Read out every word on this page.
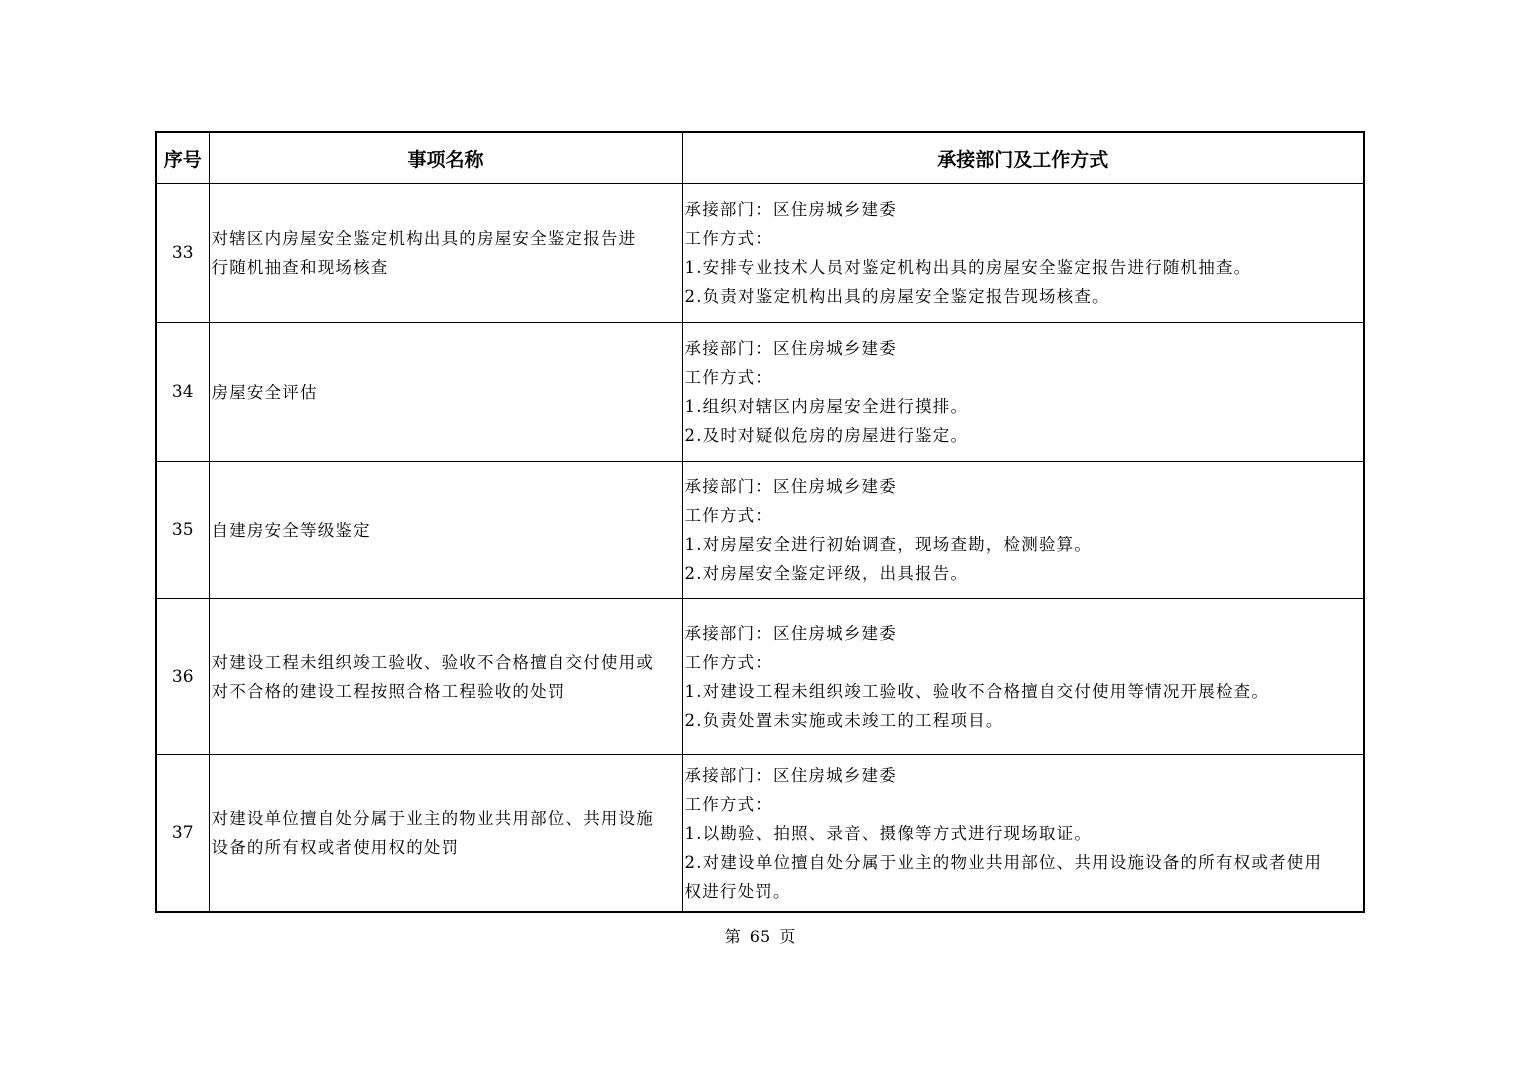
序号	事项名称	承接部门及工作方式
33	对辖区内房屋安全鉴定机构出具的房屋安全鉴定报告进
行随机抽查和现场核查	承接部门：区住房城乡建委
工作方式：
1.安排专业技术人员对鉴定机构出具的房屋安全鉴定报告进行随机抽查。
2.负责对鉴定机构出具的房屋安全鉴定报告现场核查。

34	房屋安全评估	承接部门：区住房城乡建委
工作方式：
1.组织对辖区内房屋安全进行摸排。
2.及时对疑似危房的房屋进行鉴定。

35	自建房安全等级鉴定	承接部门：区住房城乡建委
工作方式：
1.对房屋安全进行初始调查，现场查勘，检测验算。
2.对房屋安全鉴定评级，出具报告。

36	对建设工程未组织竣工验收、验收不合格擅自交付使用或
对不合格的建设工程按照合格工程验收的处罚	承接部门：区住房城乡建委
工作方式：
1.对建设工程未组织竣工验收、验收不合格擅自交付使用等情况开展检查。
2.负责处置未实施或未竣工的工程项目。

37	对建设单位擅自处分属于业主的物业共用部位、共用设施
设备的所有权或者使用权的处罚	承接部门：区住房城乡建委
工作方式：
1.以勘验、拍照、录音、摄像等方式进行现场取证。
2.对建设单位擅自处分属于业主的物业共用部位、共用设施设备的所有权或者使用
权进行处罚。
第 65 页
